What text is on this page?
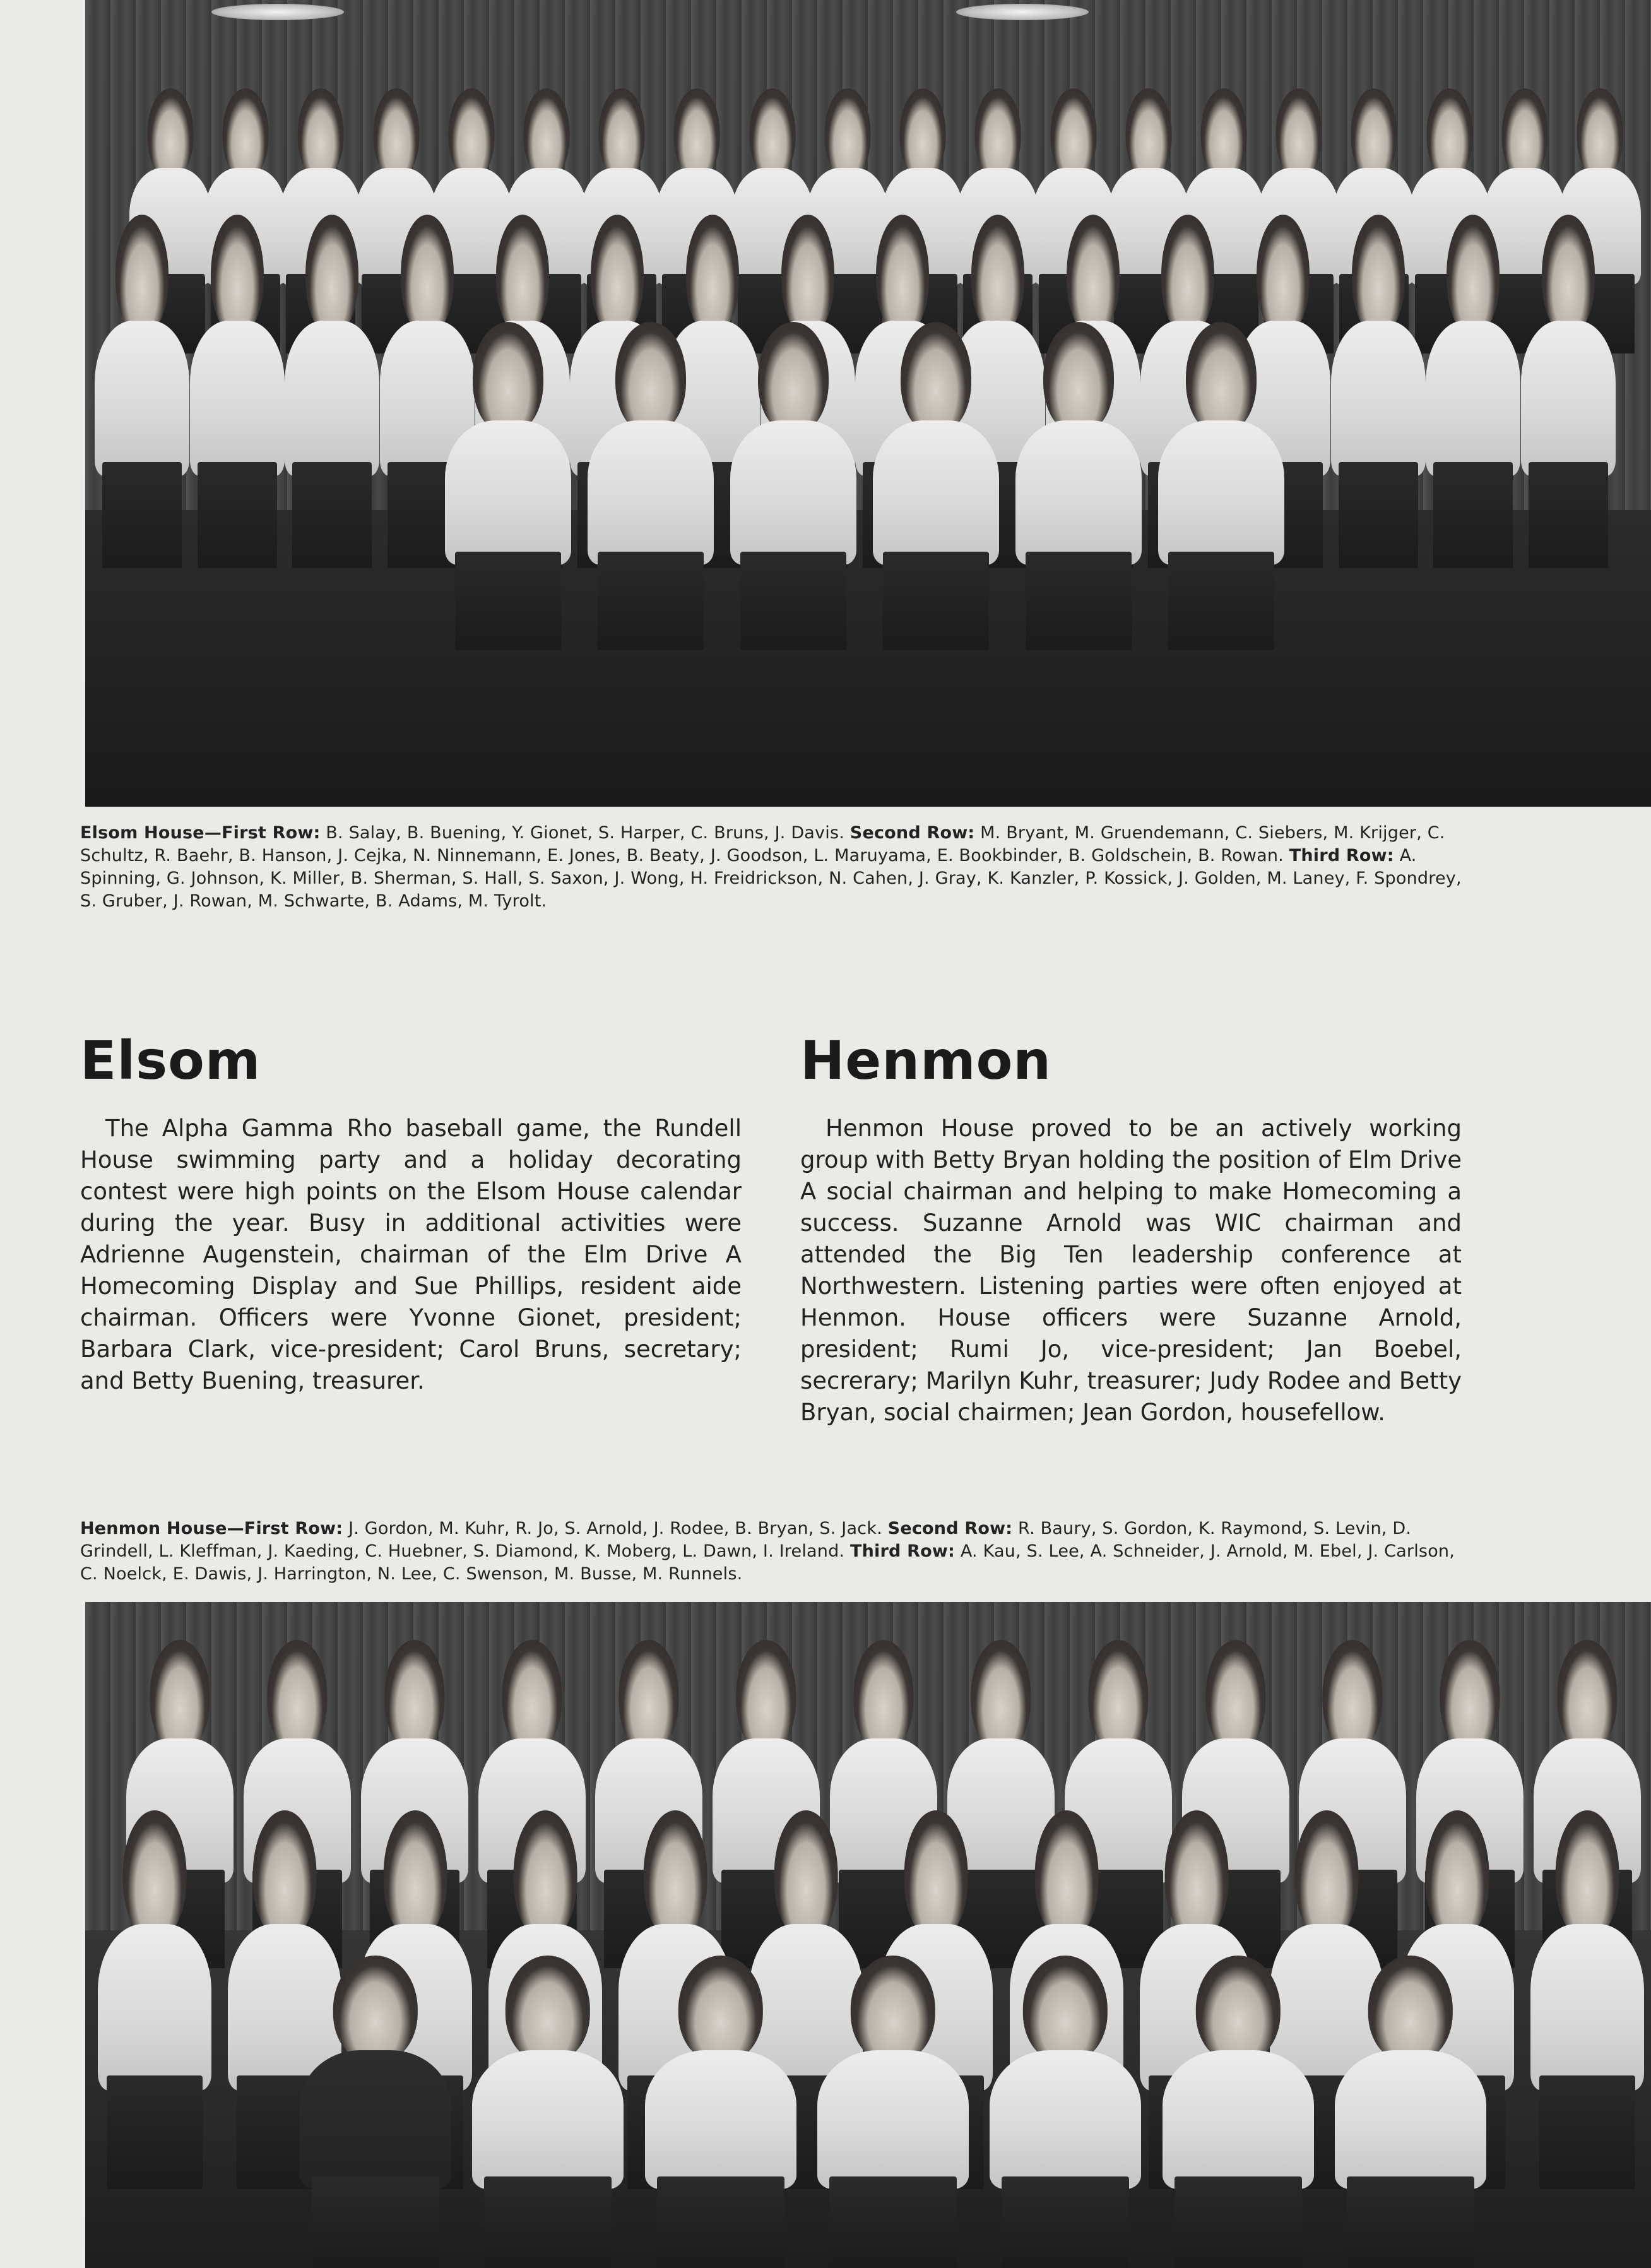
Elsom House—First Row: B. Salay, B. Buening, Y. Gionet, S. Harper, C. Bruns, J. Davis. Second Row: M. Bryant, M. Gruendemann, C. Siebers, M. Krijger, C. Schultz, R. Baehr, B. Hanson, J. Cejka, N. Ninnemann, E. Jones, B. Beaty, J. Goodson, L. Maruyama, E. Bookbinder, B. Goldschein, B. Rowan. Third Row: A. Spinning, G. Johnson, K. Miller, B. Sherman, S. Hall, S. Saxon, J. Wong, H. Freidrickson, N. Cahen, J. Gray, K. Kanzler, P. Kossick, J. Golden, M. Laney, F. Spondrey, S. Gruber, J. Rowan, M. Schwarte, B. Adams, M. Tyrolt.
Elsom	Henmon

The Alpha Gamma Rho baseball game, the Rundell House swimming party and a holiday decorating contest were high points on the Elsom House calendar during the year. Busy in additional activities were Adrienne Augenstein, chairman of the Elm Drive A Homecoming Display and Sue Phillips, resident aide chairman. Officers were Yvonne Gionet, president; Barbara Clark, vice-president; Carol Bruns, secretary; and Betty Buening, treasurer.

Henmon House proved to be an actively working group with Betty Bryan holding the position of Elm Drive A social chairman and helping to make Homecoming a success. Suzanne Arnold was WIC chairman and attended the Big Ten leadership conference at Northwestern. Listening parties were often enjoyed at Henmon. House officers were Suzanne Arnold, president; Rumi Jo, vice-president; Jan Boebel, secrerary; Marilyn Kuhr, treasurer; Judy Rodee and Betty Bryan, social chairmen; Jean Gordon, housefellow.

Henmon House—First Row: J. Gordon, M. Kuhr, R. Jo, S. Arnold, J. Rodee, B. Bryan, S. Jack. Second Row: R. Baury, S. Gordon, K. Raymond, S. Levin, D. Grindell, L. Kleffman, J. Kaeding, C. Huebner, S. Diamond, K. Moberg, L. Dawn, I. Ireland. Third Row: A. Kau, S. Lee, A. Schneider, J. Arnold, M. Ebel, J. Carlson, C. Noelck, E. Dawis, J. Harrington, N. Lee, C. Swenson, M. Busse, M. Runnels.
